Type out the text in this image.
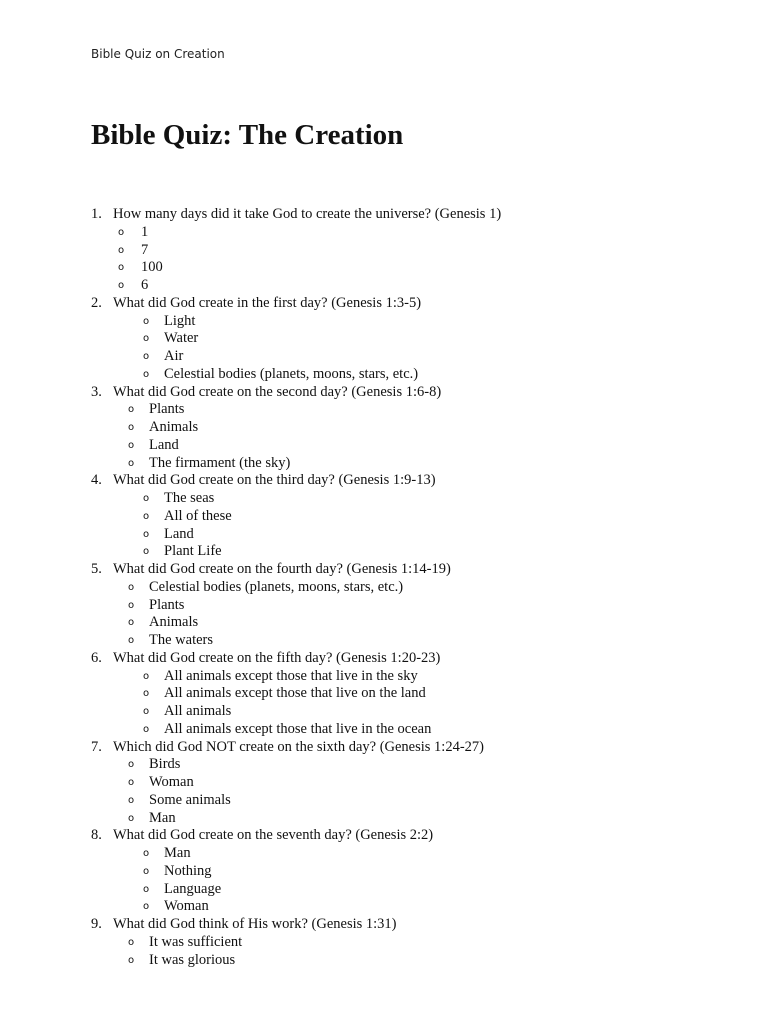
Bible Quiz on Creation
Bible Quiz: The Creation
1. How many days did it take God to create the universe? (Genesis 1)
o 1
o 7
o 100
o 6
2. What did God create in the first day? (Genesis 1:3-5)
o Light
o Water
o Air
o Celestial bodies (planets, moons, stars, etc.)
3. What did God create on the second day? (Genesis 1:6-8)
o Plants
o Animals
o Land
o The firmament (the sky)
4. What did God create on the third day? (Genesis 1:9-13)
o The seas
o All of these
o Land
o Plant Life
5. What did God create on the fourth day? (Genesis 1:14-19)
o Celestial bodies (planets, moons, stars, etc.)
o Plants
o Animals
o The waters
6. What did God create on the fifth day? (Genesis 1:20-23)
o All animals except those that live in the sky
o All animals except those that live on the land
o All animals
o All animals except those that live in the ocean
7. Which did God NOT create on the sixth day? (Genesis 1:24-27)
o Birds
o Woman
o Some animals
o Man
8. What did God create on the seventh day? (Genesis 2:2)
o Man
o Nothing
o Language
o Woman
9. What did God think of His work? (Genesis 1:31)
o It was sufficient
o It was glorious
